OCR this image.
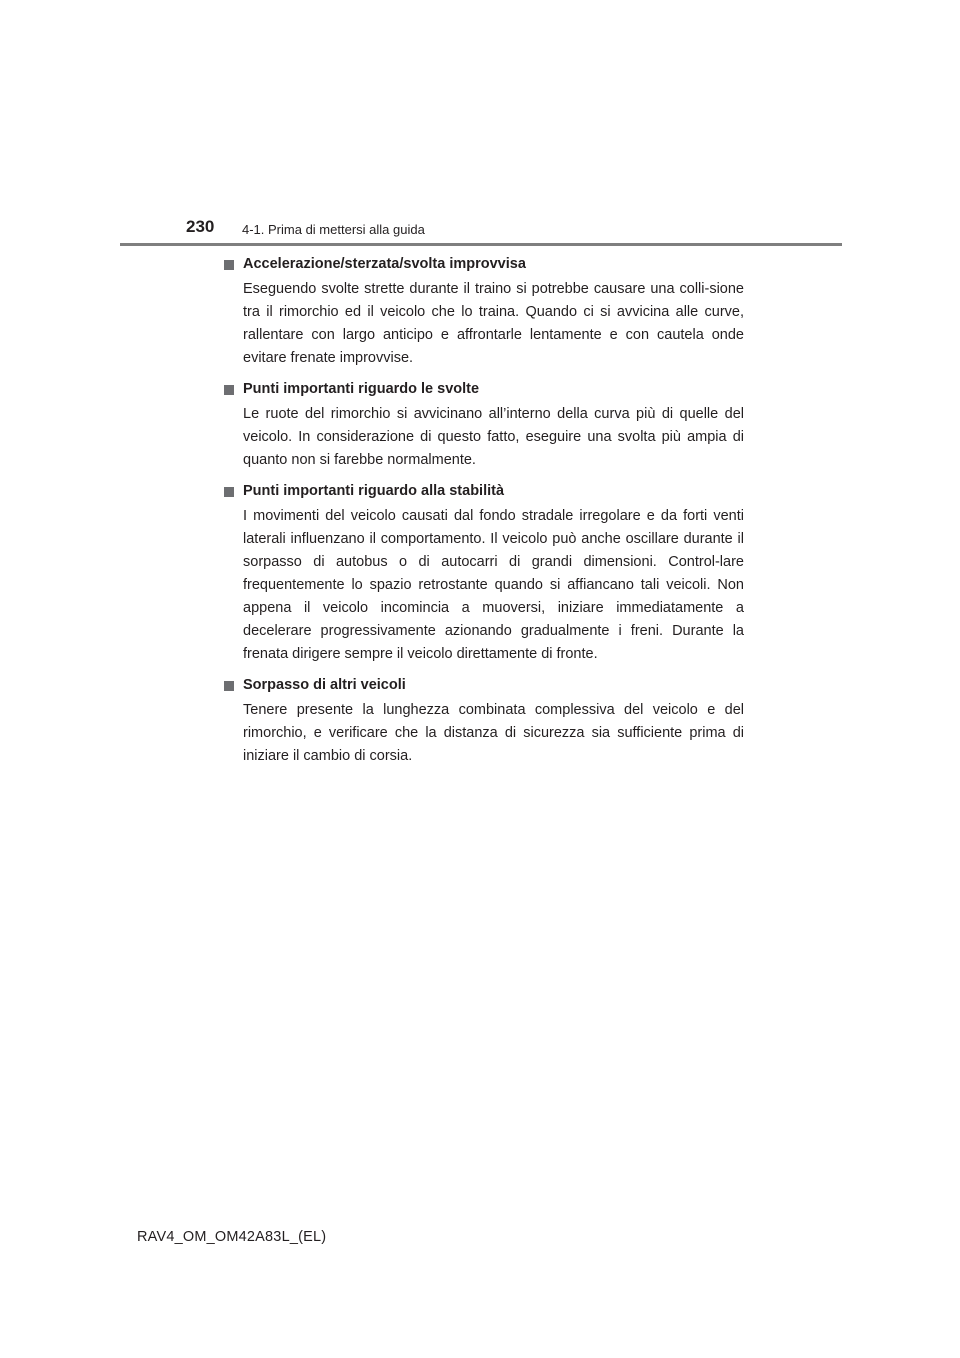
230 4-1. Prima di mettersi alla guida
Accelerazione/sterzata/svolta improvvisa

Eseguendo svolte strette durante il traino si potrebbe causare una colli-sione tra il rimorchio ed il veicolo che lo traina. Quando ci si avvicina alle curve, rallentare con largo anticipo e affrontarle lentamente e con cautela onde evitare frenate improvvise.

Punti importanti riguardo le svolte

Le ruote del rimorchio si avvicinano all’interno della curva più di quelle del veicolo. In considerazione di questo fatto, eseguire una svolta più ampia di quanto non si farebbe normalmente.

Punti importanti riguardo alla stabilità

I movimenti del veicolo causati dal fondo stradale irregolare e da forti venti laterali influenzano il comportamento. Il veicolo può anche oscillare durante il sorpasso di autobus o di autocarri di grandi dimensioni. Control-lare frequentemente lo spazio retrostante quando si affiancano tali veicoli. Non appena il veicolo incomincia a muoversi, iniziare immediatamente a decelerare progressivamente azionando gradualmente i freni. Durante la frenata dirigere sempre il veicolo direttamente di fronte.

Sorpasso di altri veicoli

Tenere presente la lunghezza combinata complessiva del veicolo e del rimorchio, e verificare che la distanza di sicurezza sia sufficiente prima di iniziare il cambio di corsia.

RAV4_OM_OM42A83L_(EL)
